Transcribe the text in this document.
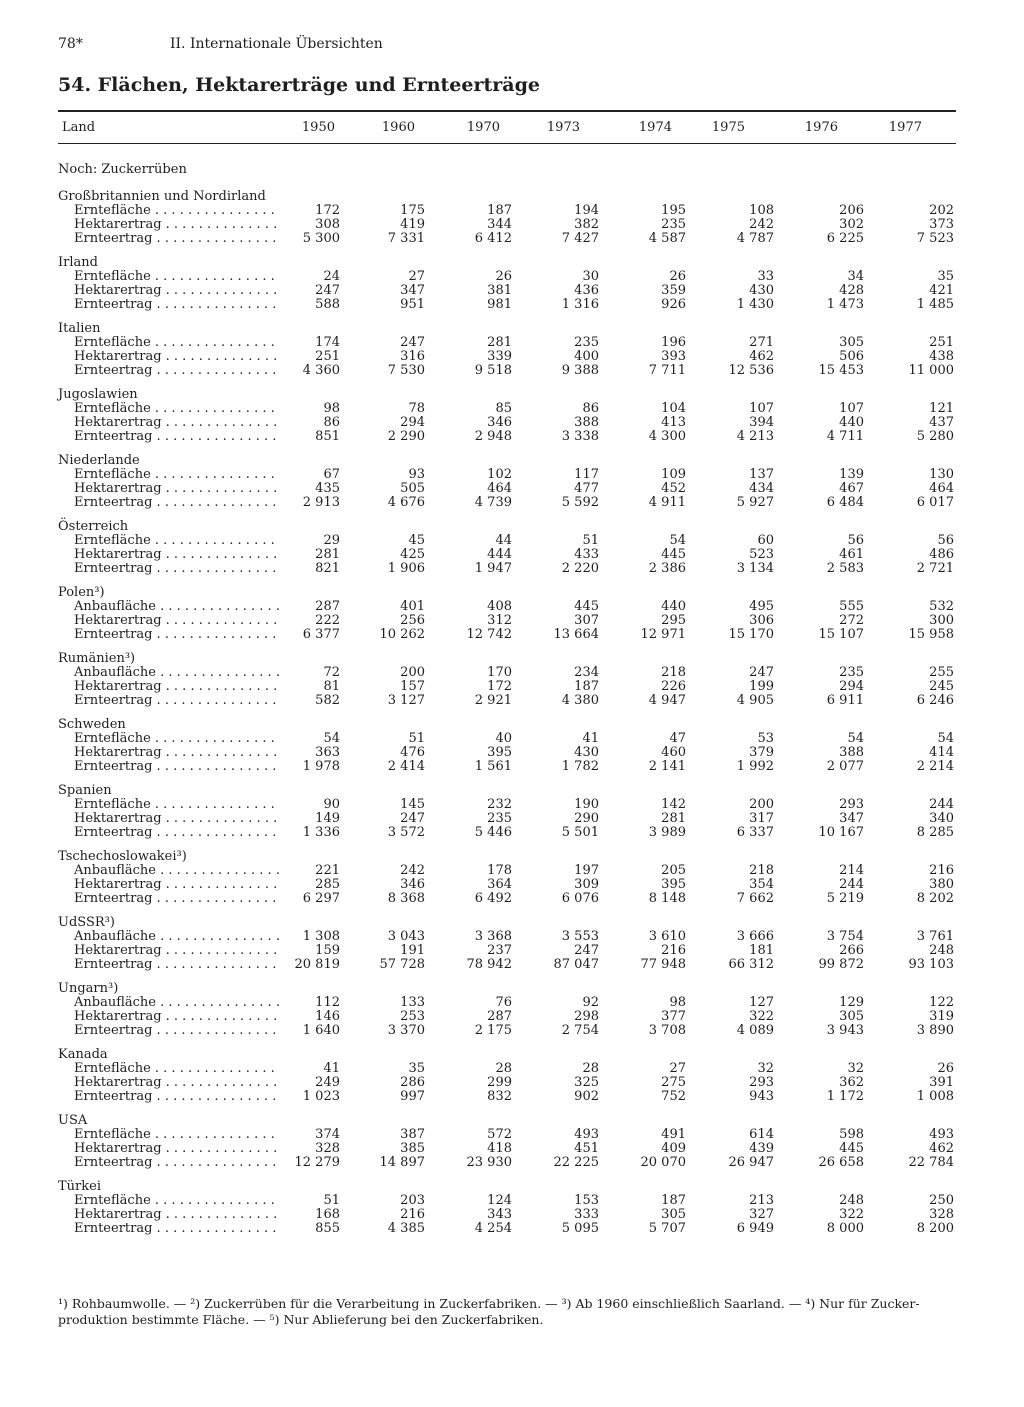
78*	II. Internationale Übersichten
54. Flächen, Hektarerträge und Ernteerträge
Land	1950	1960	1970	1973	1974	1975	1976	1977
Noch: Zuckerrüben
Großbritannien und Nordirland
Erntefläche . . .	172	175	187	194	195	108	206	202
Hektarertrag . . .	308	419	344	382	235	242	302	373
Ernteertrag . . .	5 300	7 331	6 412	7 427	4 587	4 787	6 225	7 523
Irland
Erntefläche . . .	24	27	26	30	26	33	34	35
Hektarertrag . . .	247	347	381	436	359	430	428	421
Ernteertrag . . .	588	951	981	1 316	926	1 430	1 473	1 485
Italien
Erntefläche . . .	174	247	281	235	196	271	305	251
Hektarertrag . . .	251	316	339	400	393	462	506	438
Ernteertrag . . .	4 360	7 530	9 518	9 388	7 711	12 536	15 453	11 000
Jugoslawien
Erntefläche . . .	98	78	85	86	104	107	107	121
Hektarertrag . . .	86	294	346	388	413	394	440	437
Ernteertrag . . .	851	2 290	2 948	3 338	4 300	4 213	4 711	5 280
Niederlande
Erntefläche . . .	67	93	102	117	109	137	139	130
Hektarertrag . . .	435	505	464	477	452	434	467	464
Ernteertrag . . .	2 913	4 676	4 739	5 592	4 911	5 927	6 484	6 017
Österreich
Erntefläche . . .	29	45	44	51	54	60	56	56
Hektarertrag . . .	281	425	444	433	445	523	461	486
Ernteertrag . . .	821	1 906	1 947	2 220	2 386	3 134	2 583	2 721
Polen³)
Anbaufläche . . .	287	401	408	445	440	495	555	532
Hektarertrag . . .	222	256	312	307	295	306	272	300
Ernteertrag . . .	6 377	10 262	12 742	13 664	12 971	15 170	15 107	15 958
Rumänien³)
Anbaufläche . . .	72	200	170	234	218	247	235	255
Hektarertrag . . .	81	157	172	187	226	199	294	245
Ernteertrag . . .	582	3 127	2 921	4 380	4 947	4 905	6 911	6 246
Schweden
Erntefläche . . .	54	51	40	41	47	53	54	54
Hektarertrag . . .	363	476	395	430	460	379	388	414
Ernteertrag . . .	1 978	2 414	1 561	1 782	2 141	1 992	2 077	2 214
Spanien
Erntefläche . . .	90	145	232	190	142	200	293	244
Hektarertrag . . .	149	247	235	290	281	317	347	340
Ernteertrag . . .	1 336	3 572	5 446	5 501	3 989	6 337	10 167	8 285
Tschechoslowakei³)
Anbaufläche . . .	221	242	178	197	205	218	214	216
Hektarertrag . . .	285	346	364	309	395	354	244	380
Ernteertrag . . .	6 297	8 368	6 492	6 076	8 148	7 662	5 219	8 202
UdSSR³)
Anbaufläche . . .	1 308	3 043	3 368	3 553	3 610	3 666	3 754	3 761
Hektarertrag . . .	159	191	237	247	216	181	266	248
Ernteertrag . . .	20 819	57 728	78 942	87 047	77 948	66 312	99 872	93 103
Ungarn³)
Anbaufläche . . .	112	133	76	92	98	127	129	122
Hektarertrag . . .	146	253	287	298	377	322	305	319
Ernteertrag . . .	1 640	3 370	2 175	2 754	3 708	4 089	3 943	3 890
Kanada
Erntefläche . . .	41	35	28	28	27	32	32	26
Hektarertrag . . .	249	286	299	325	275	293	362	391
Ernteertrag . . .	1 023	997	832	902	752	943	1 172	1 008
USA
Erntefläche . . .	374	387	572	493	491	614	598	493
Hektarertrag . . .	328	385	418	451	409	439	445	462
Ernteertrag . . .	12 279	14 897	23 930	22 225	20 070	26 947	26 658	22 784
Türkei
Erntefläche . . .	51	203	124	153	187	213	248	250
Hektarertrag . . .	168	216	343	333	305	327	322	328
Ernteertrag . . .	855	4 385	4 254	5 095	5 707	6 949	8 000	8 200
¹) Rohbaumwolle. — ²) Zuckerrüben für die Verarbeitung in Zuckerfabriken. — ³) Ab 1960 einschließlich Saarland. — ⁴) Nur für Zucker-
produktion bestimmte Fläche. — ⁵) Nur Ablieferung bei den Zuckerfabriken.
